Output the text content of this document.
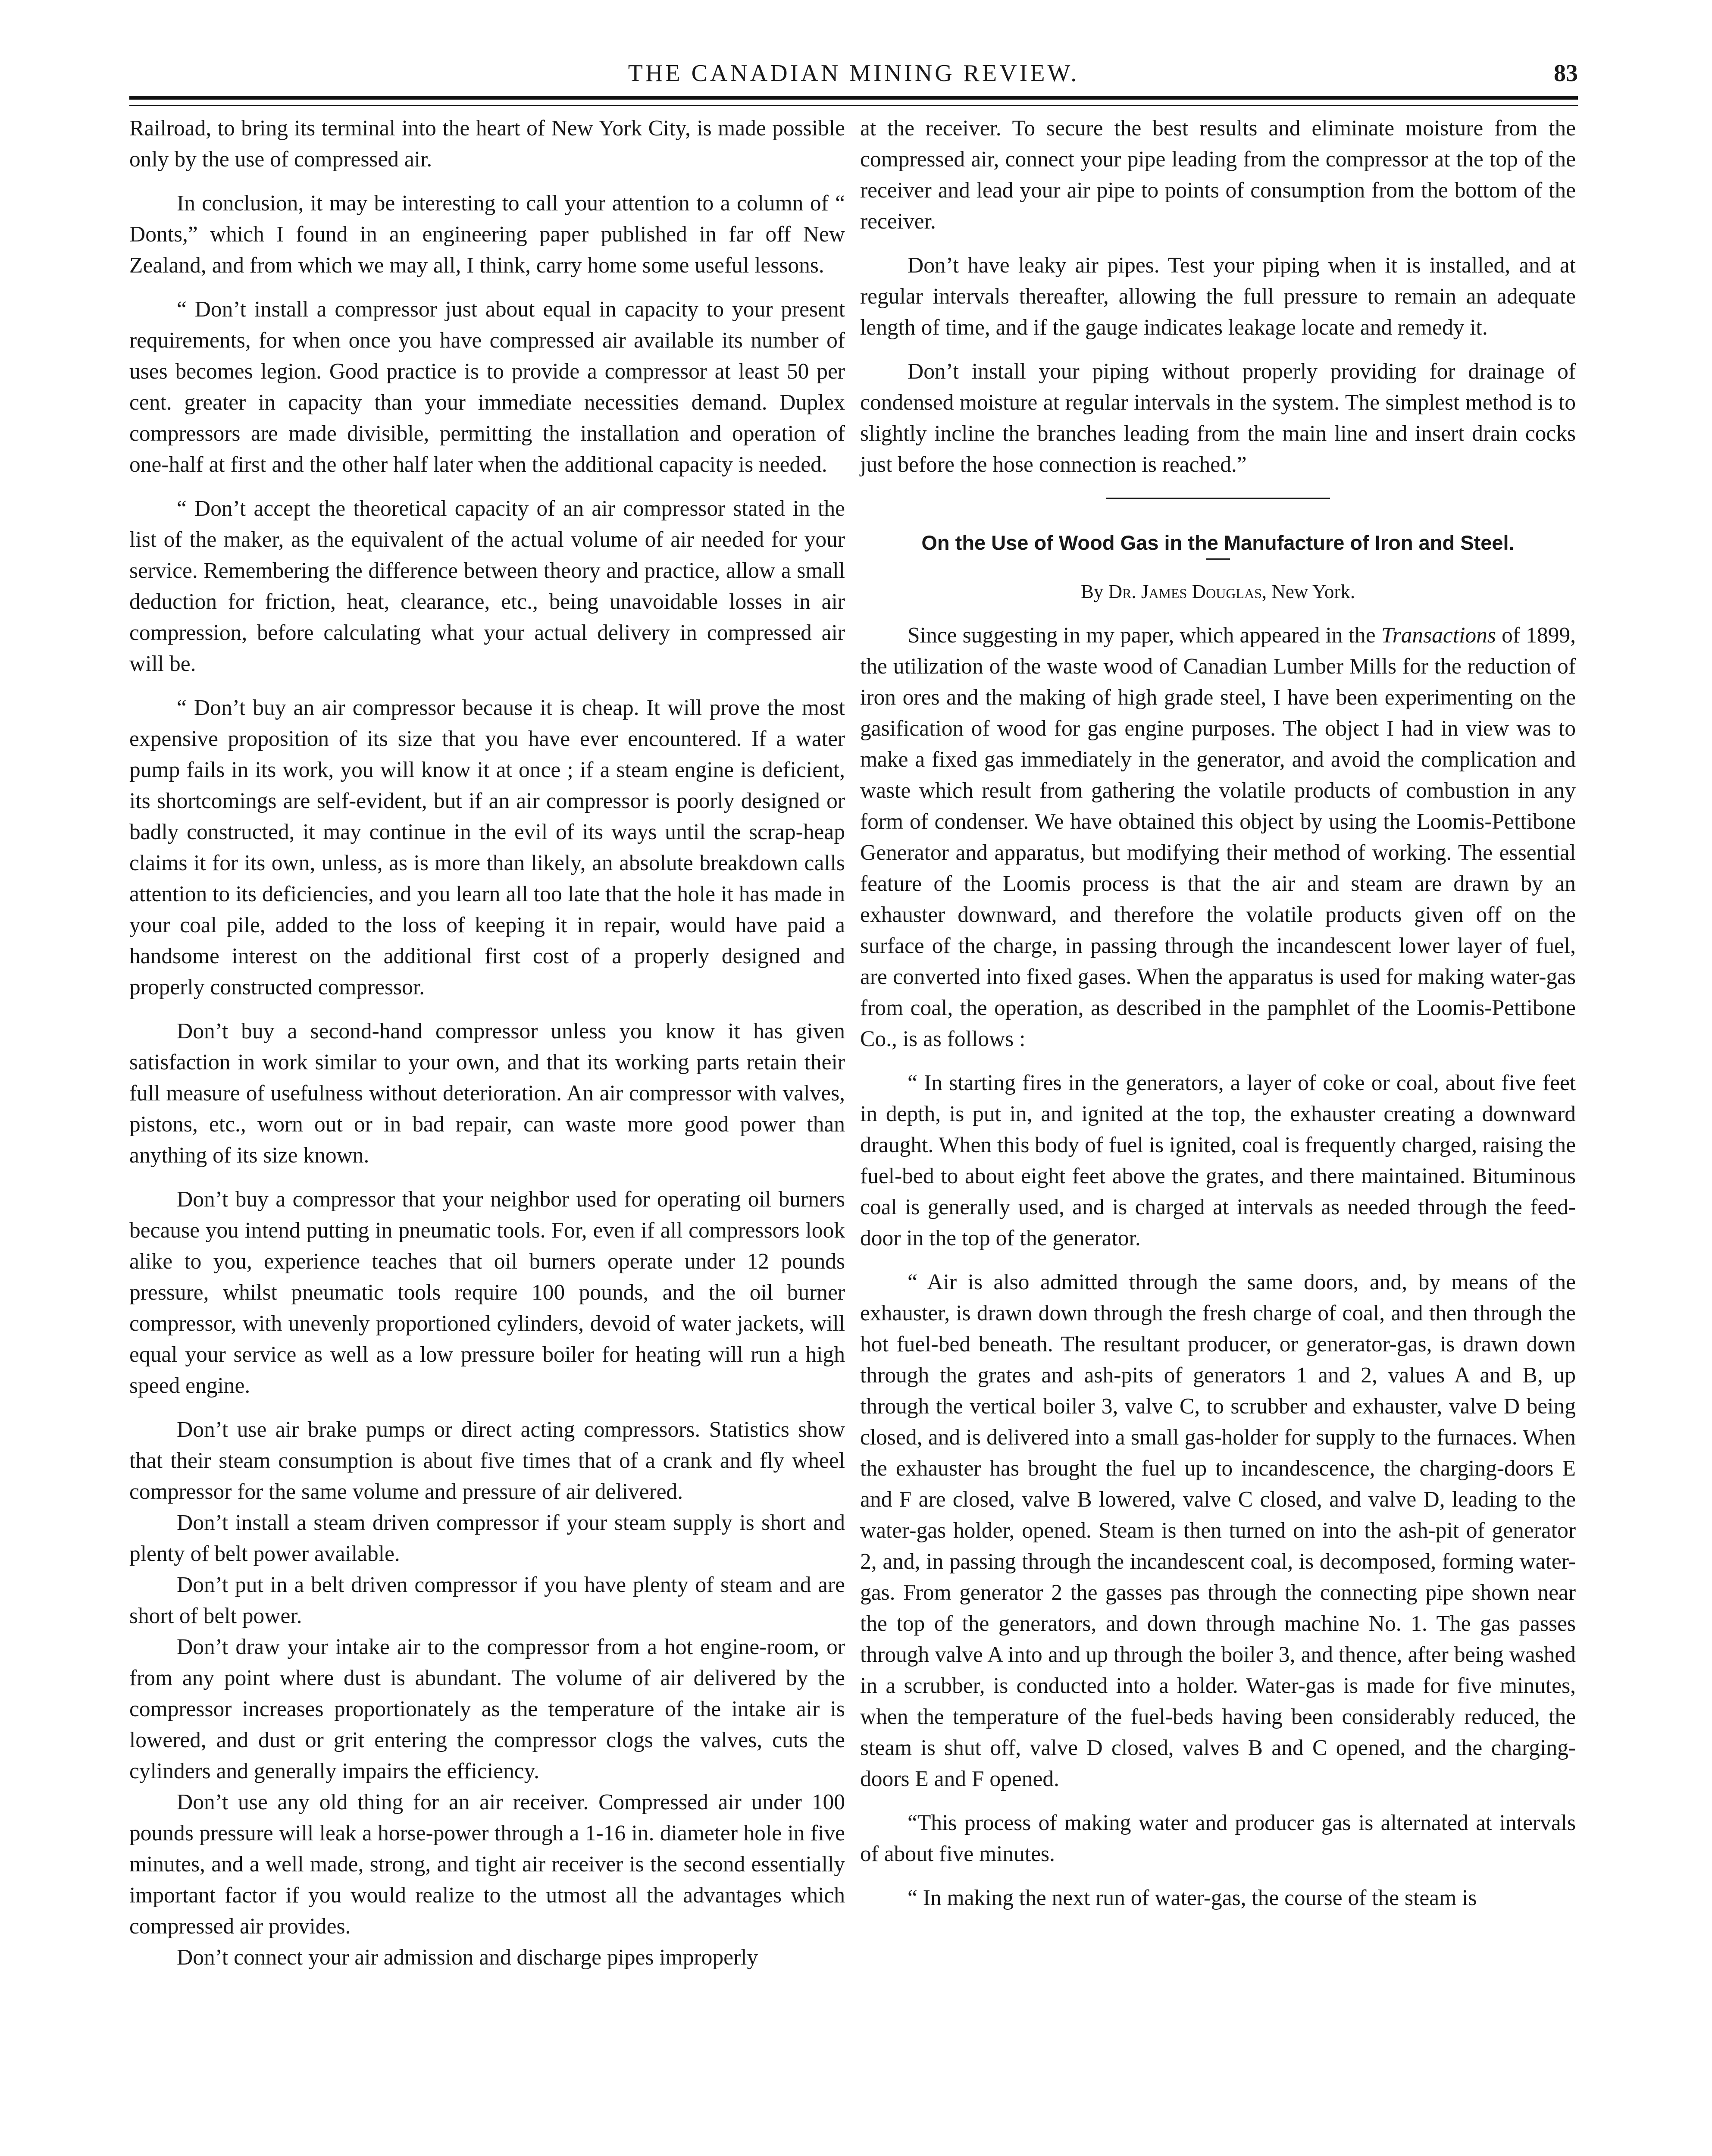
THE CANADIAN MINING REVIEW.	83

Railroad, to bring its terminal into the heart of New York City, is made possible only by the use of compressed air.

In conclusion, it may be interesting to call your attention to a column of “ Donts,” which I found in an engineering paper published in far off New Zealand, and from which we may all, I think, carry home some useful lessons.

“ Don’t install a compressor just about equal in capacity to your present requirements, for when once you have compressed air available its number of uses becomes legion. Good practice is to provide a compressor at least 50 per cent. greater in capacity than your immediate necessities demand. Duplex compressors are made divisible, permitting the installation and operation of one-half at first and the other half later when the additional capacity is needed.

“ Don’t accept the theoretical capacity of an air compressor stated in the list of the maker, as the equivalent of the actual volume of air needed for your service. Remembering the difference between theory and practice, allow a small deduction for friction, heat, clearance, etc., being unavoidable losses in air compression, before calculating what your actual delivery in compressed air will be.

“ Don’t buy an air compressor because it is cheap. It will prove the most expensive proposition of its size that you have ever encountered. If a water pump fails in its work, you will know it at once ; if a steam engine is deficient, its shortcomings are self-evident, but if an air compressor is poorly designed or badly constructed, it may continue in the evil of its ways until the scrap-heap claims it for its own, unless, as is more than likely, an absolute breakdown calls attention to its deficiencies, and you learn all too late that the hole it has made in your coal pile, added to the loss of keeping it in repair, would have paid a handsome interest on the additional first cost of a properly designed and properly constructed compressor.

Don’t buy a second-hand compressor unless you know it has given satisfaction in work similar to your own, and that its working parts retain their full measure of usefulness without deterioration. An air compressor with valves, pistons, etc., worn out or in bad repair, can waste more good power than anything of its size known.

Don’t buy a compressor that your neighbor used for operating oil burners because you intend putting in pneumatic tools. For, even if all compressors look alike to you, experience teaches that oil burners operate under 12 pounds pressure, whilst pneumatic tools require 100 pounds, and the oil burner compressor, with unevenly proportioned cylinders, devoid of water jackets, will equal your service as well as a low pressure boiler for heating will run a high speed engine.

Don’t use air brake pumps or direct acting compressors. Statistics show that their steam consumption is about five times that of a crank and fly wheel compressor for the same volume and pressure of air delivered.

Don’t install a steam driven compressor if your steam supply is short and plenty of belt power available.

Don’t put in a belt driven compressor if you have plenty of steam and are short of belt power.

Don’t draw your intake air to the compressor from a hot engine-room, or from any point where dust is abundant. The volume of air delivered by the compressor increases proportionately as the temperature of the intake air is lowered, and dust or grit entering the compressor clogs the valves, cuts the cylinders and generally impairs the efficiency.

Don’t use any old thing for an air receiver. Compressed air under 100 pounds pressure will leak a horse-power through a 1-16 in. diameter hole in five minutes, and a well made, strong, and tight air receiver is the second essentially important factor if you would realize to the utmost all the advantages which compressed air provides.

Don’t connect your air admission and discharge pipes improperly

at the receiver. To secure the best results and eliminate moisture from the compressed air, connect your pipe leading from the compressor at the top of the receiver and lead your air pipe to points of consumption from the bottom of the receiver.

Don’t have leaky air pipes. Test your piping when it is installed, and at regular intervals thereafter, allowing the full pressure to remain an adequate length of time, and if the gauge indicates leakage locate and remedy it.

Don’t install your piping without properly providing for drainage of condensed moisture at regular intervals in the system. The simplest method is to slightly incline the branches leading from the main line and insert drain cocks just before the hose connection is reached.”

On the Use of Wood Gas in the Manufacture of Iron and Steel.

By Dr. James Douglas, New York.

Since suggesting in my paper, which appeared in the Transactions of 1899, the utilization of the waste wood of Canadian Lumber Mills for the reduction of iron ores and the making of high grade steel, I have been experimenting on the gasification of wood for gas engine purposes. The object I had in view was to make a fixed gas immediately in the generator, and avoid the complication and waste which result from gathering the volatile products of combustion in any form of condenser. We have obtained this object by using the Loomis-Pettibone Generator and apparatus, but modifying their method of working. The essential feature of the Loomis process is that the air and steam are drawn by an exhauster downward, and therefore the volatile products given off on the surface of the charge, in passing through the incandescent lower layer of fuel, are converted into fixed gases. When the apparatus is used for making water-gas from coal, the operation, as described in the pamphlet of the Loomis-Pettibone Co., is as follows :

“ In starting fires in the generators, a layer of coke or coal, about five feet in depth, is put in, and ignited at the top, the exhauster creating a downward draught. When this body of fuel is ignited, coal is frequently charged, raising the fuel-bed to about eight feet above the grates, and there maintained. Bituminous coal is generally used, and is charged at intervals as needed through the feed-door in the top of the generator.

“ Air is also admitted through the same doors, and, by means of the exhauster, is drawn down through the fresh charge of coal, and then through the hot fuel-bed beneath. The resultant producer, or generator-gas, is drawn down through the grates and ash-pits of generators 1 and 2, values A and B, up through the vertical boiler 3, valve C, to scrubber and exhauster, valve D being closed, and is delivered into a small gas-holder for supply to the furnaces. When the exhauster has brought the fuel up to incandescence, the charging-doors E and F are closed, valve B lowered, valve C closed, and valve D, leading to the water-gas holder, opened. Steam is then turned on into the ash-pit of generator 2, and, in passing through the incandescent coal, is decomposed, forming water-gas. From generator 2 the gasses pas through the connecting pipe shown near the top of the generators, and down through machine No. 1. The gas passes through valve A into and up through the boiler 3, and thence, after being washed in a scrubber, is conducted into a holder. Water-gas is made for five minutes, when the temperature of the fuel-beds having been considerably reduced, the steam is shut off, valve D closed, valves B and C opened, and the charging-doors E and F opened.

“This process of making water and producer gas is alternated at intervals of about five minutes.

“ In making the next run of water-gas, the course of the steam is
